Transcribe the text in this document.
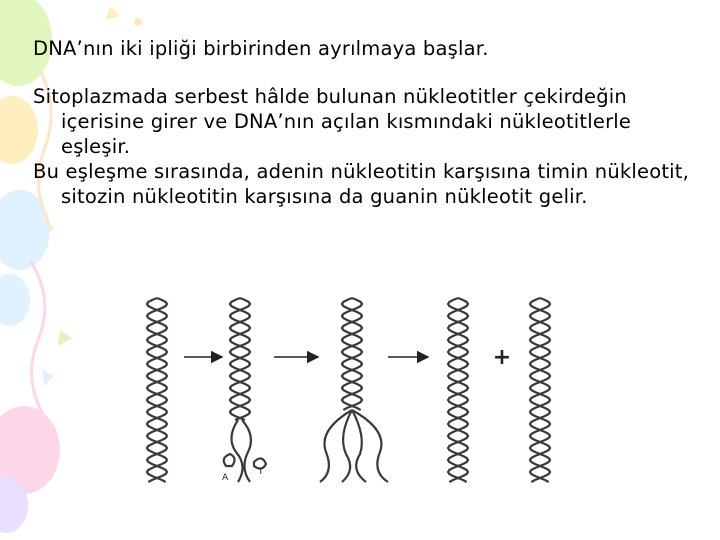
DNA’nın iki ipliği birbirinden ayrılmaya başlar.

Sitoplazmada serbest hâlde bulunan nükleotitler çekirdeğin içerisine girer ve DNA’nın açılan kısmındaki nükleotitlerle eşleşir.

Bu eşleşme sırasında, adenin nükleotitin karşısına timin nükleotit, sitozin nükleotitin karşısına da guanin nükleotit gelir.

+
A
T
